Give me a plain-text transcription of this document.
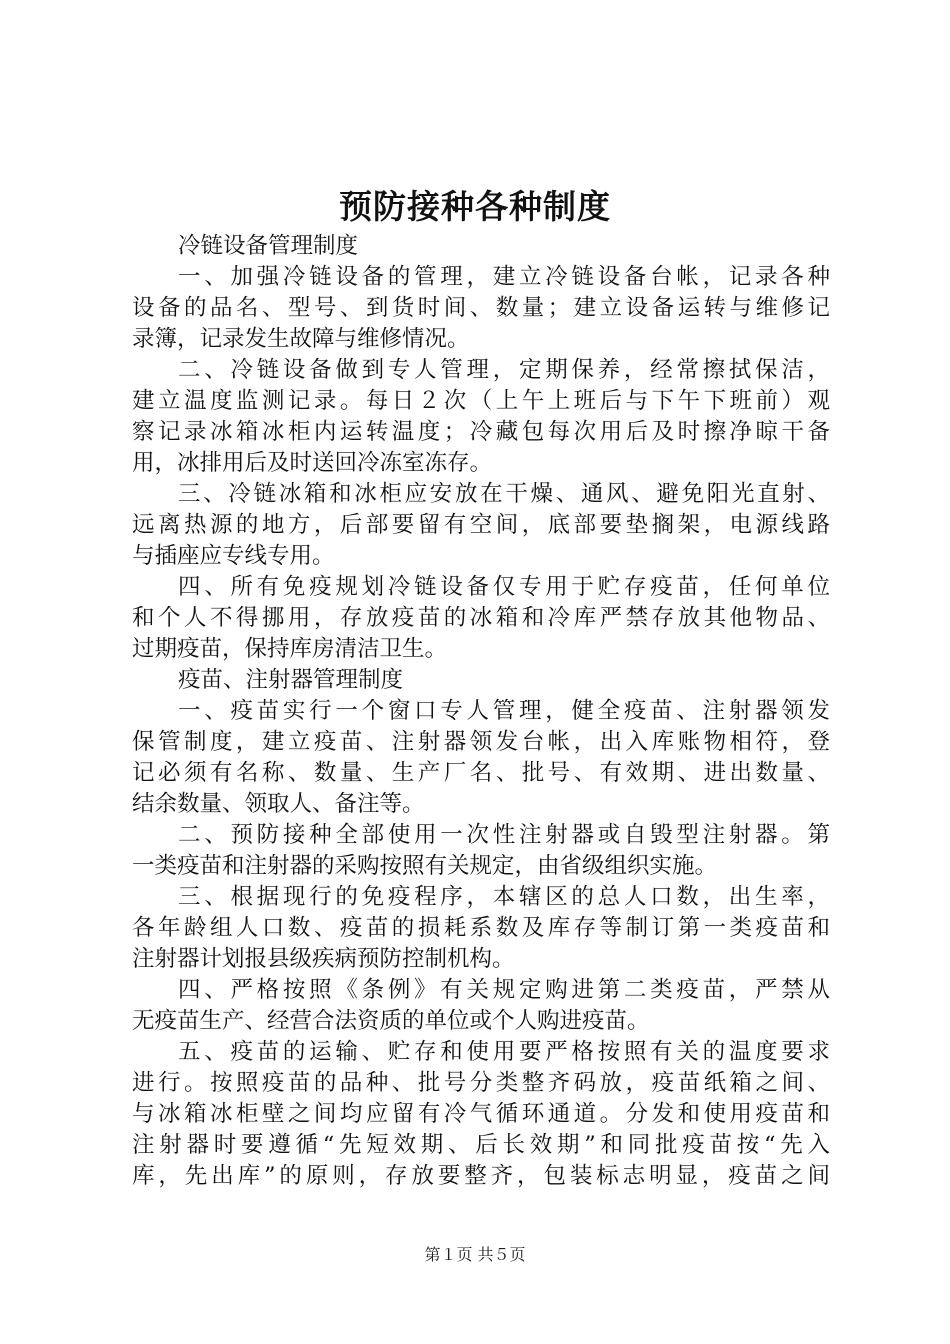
预防接种各种制度
冷链设备管理制度
一、加强冷链设备的管理，建立冷链设备台帐，记录各种
设备的品名、型号、到货时间、数量；建立设备运转与维修记
录簿，记录发生故障与维修情况。
二、冷链设备做到专人管理，定期保养，经常擦拭保洁，
建立温度监测记录。每日２次（上午上班后与下午下班前）观
察记录冰箱冰柜内运转温度；冷藏包每次用后及时擦净晾干备
用，冰排用后及时送回冷冻室冻存。
三、冷链冰箱和冰柜应安放在干燥、通风、避免阳光直射、
远离热源的地方，后部要留有空间，底部要垫搁架，电源线路
与插座应专线专用。
四、所有免疫规划冷链设备仅专用于贮存疫苗，任何单位
和个人不得挪用，存放疫苗的冰箱和冷库严禁存放其他物品、
过期疫苗，保持库房清洁卫生。
疫苗、注射器管理制度
一、疫苗实行一个窗口专人管理，健全疫苗、注射器领发
保管制度，建立疫苗、注射器领发台帐，出入库账物相符，登
记必须有名称、数量、生产厂名、批号、有效期、进出数量、
结余数量、领取人、备注等。
二、预防接种全部使用一次性注射器或自毁型注射器。第
一类疫苗和注射器的采购按照有关规定，由省级组织实施。
三、根据现行的免疫程序，本辖区的总人口数，出生率，
各年龄组人口数、疫苗的损耗系数及库存等制订第一类疫苗和
注射器计划报县级疾病预防控制机构。
四、严格按照《条例》有关规定购进第二类疫苗，严禁从
无疫苗生产、经营合法资质的单位或个人购进疫苗。
五、疫苗的运输、贮存和使用要严格按照有关的温度要求
进行。按照疫苗的品种、批号分类整齐码放，疫苗纸箱之间、
与冰箱冰柜壁之间均应留有冷气循环通道。分发和使用疫苗和
注射器时要遵循“先短效期、后长效期”和同批疫苗按“先入
库，先出库”的原则，存放要整齐，包装标志明显，疫苗之间
第１页 共５页
